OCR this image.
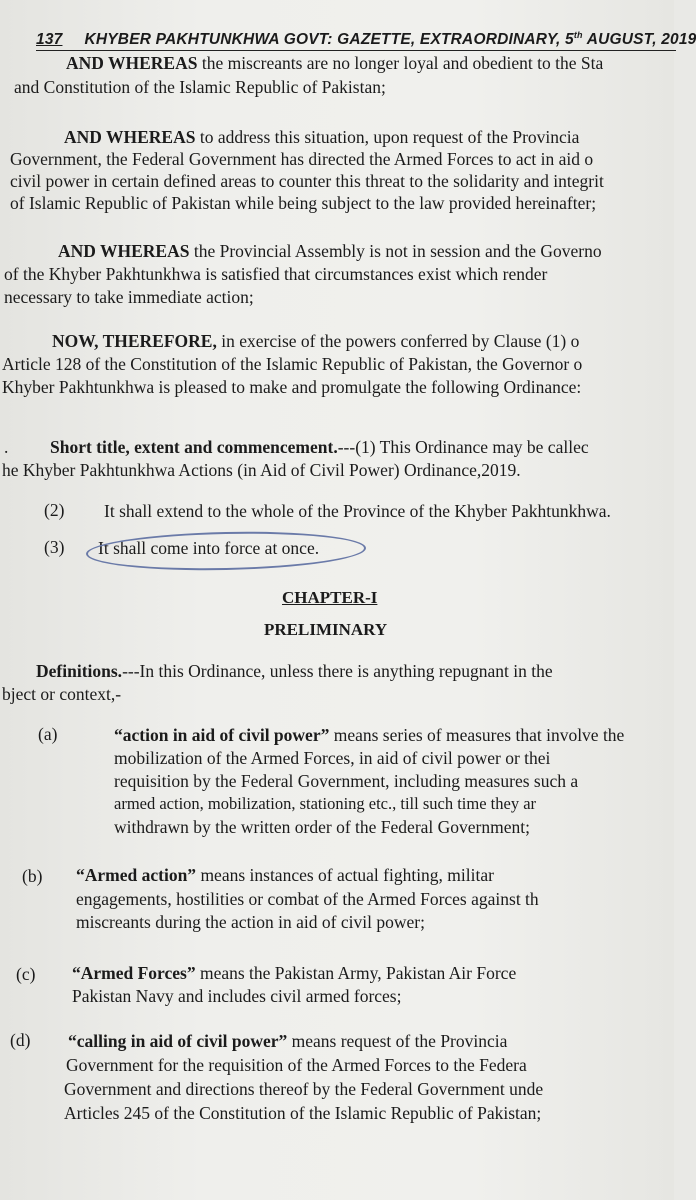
137 KHYBER PAKHTUNKHWA GOVT: GAZETTE, EXTRAORDINARY, 5th AUGUST, 2019
AND WHEREAS the miscreants are no longer loyal and obedient to the Sta
and Constitution of the Islamic Republic of Pakistan;
AND WHEREAS to address this situation, upon request of the Provincia
Government, the Federal Government has directed the Armed Forces to act in aid o
civil power in certain defined areas to counter this threat to the solidarity and integrit
of Islamic Republic of Pakistan while being subject to the law provided hereinafter;
AND WHEREAS the Provincial Assembly is not in session and the Governo
of the Khyber Pakhtunkhwa is satisfied that circumstances exist which render
necessary to take immediate action;
NOW, THEREFORE, in exercise of the powers conferred by Clause (1) o
Article 128 of the Constitution of the Islamic Republic of Pakistan, the Governor o
Khyber Pakhtunkhwa is pleased to make and promulgate the following Ordinance:
. Short title, extent and commencement.---(1) This Ordinance may be callec
he Khyber Pakhtunkhwa Actions (in Aid of Civil Power) Ordinance,2019.
(2) It shall extend to the whole of the Province of the Khyber Pakhtunkhwa.
(3) It shall come into force at once.
CHAPTER-I
PRELIMINARY
Definitions.---In this Ordinance, unless there is anything repugnant in the
bject or context,-
(a)	“action in aid of civil power” means series of measures that involve the
mobilization of the Armed Forces, in aid of civil power or thei
requisition by the Federal Government, including measures such a
armed action, mobilization, stationing etc., till such time they ar
withdrawn by the written order of the Federal Government;
(b) “Armed action” means instances of actual fighting, militar
engagements, hostilities or combat of the Armed Forces against th
miscreants during the action in aid of civil power;
(c) “Armed Forces” means the Pakistan Army, Pakistan Air Force
Pakistan Navy and includes civil armed forces;
(d) “calling in aid of civil power” means request of the Provincia
Government for the requisition of the Armed Forces to the Federa
Government and directions thereof by the Federal Government unde
Articles 245 of the Constitution of the Islamic Republic of Pakistan;
